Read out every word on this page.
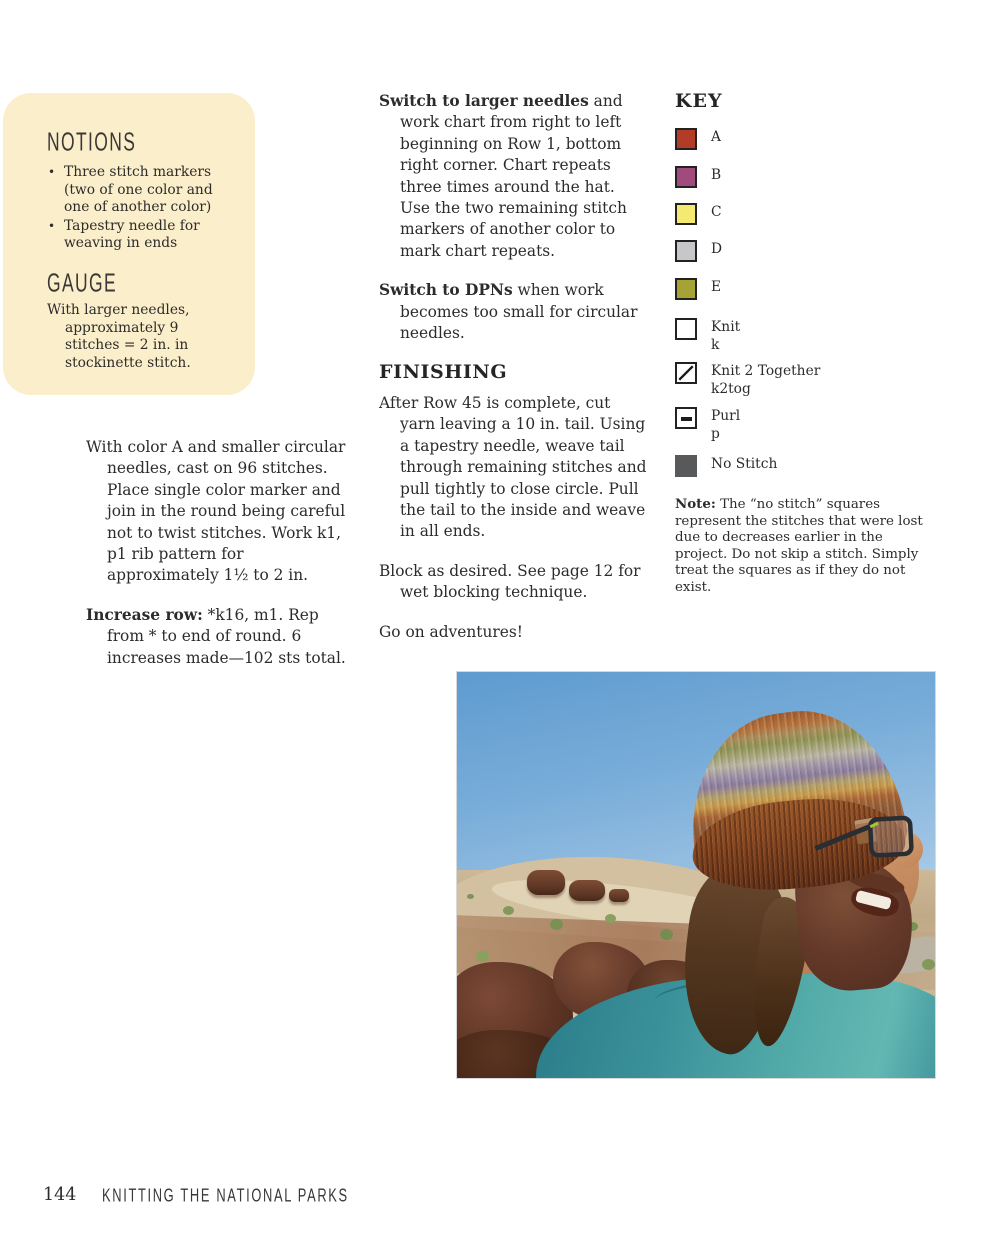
NOTIONS
• Three stitch markers (two of one color and one of another color)
• Tapestry needle for weaving in ends
GAUGE
With larger needles, approximately 9 stitches = 2 in. in stockinette stitch.

With color A and smaller circular needles, cast on 96 stitches. Place single color marker and join in the round being careful not to twist stitches. Work k1, p1 rib pattern for approximately 1½ to 2 in.

Increase row: *k16, m1. Rep from * to end of round. 6 increases made—102 sts total.

Switch to larger needles and work chart from right to left beginning on Row 1, bottom right corner. Chart repeats three times around the hat. Use the two remaining stitch markers of another color to mark chart repeats.

Switch to DPNs when work becomes too small for circular needles.

FINISHING

After Row 45 is complete, cut yarn leaving a 10 in. tail. Using a tapestry needle, weave tail through remaining stitches and pull tightly to close circle. Pull the tail to the inside and weave in all ends.

Block as desired. See page 12 for wet blocking technique.

Go on adventures!

KEY
A
B
C
D
E
Knit
k
Knit 2 Together
k2tog
Purl
p
No Stitch
Note: The “no stitch” squares represent the stitches that were lost due to decreases earlier in the project. Do not skip a stitch. Simply treat the squares as if they do not exist.
144 KNITTING THE NATIONAL PARKS
